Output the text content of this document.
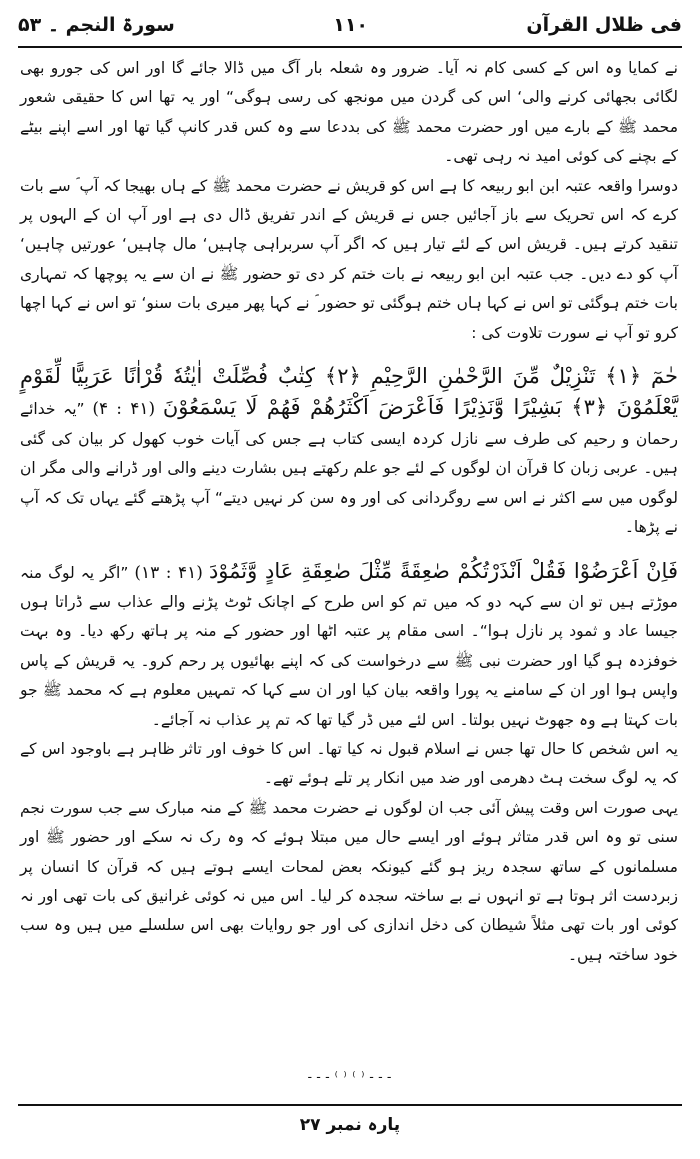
فی ظلال القرآن
۱۱۰
سورۃ النجم ۔ ۵۳

نے کمایا وہ اس کے کسی کام نہ آیا۔ ضرور وہ شعلہ بار آگ میں ڈالا جائے گا اور اس کی جورو بھی لگائی بجھائی کرنے والی‘ اس کی گردن میں مونجھ کی رسی ہوگی“ اور یہ تھا اس کا حقیقی شعور محمد ﷺ کے بارے میں اور حضرت محمد ﷺ کی بددعا سے وہ کس قدر کانپ گیا تھا اور اسے اپنے بیٹے کے بچنے کی کوئی امید نہ رہی تھی۔

دوسرا واقعہ عتبہ ابن ابو ربیعہ کا ہے اس کو قریش نے حضرت محمد ﷺ کے ہاں بھیجا کہ آپ ؐ سے بات کرے کہ اس تحریک سے باز آجائیں جس نے قریش کے اندر تفریق ڈال دی ہے اور آپ ان کے الہوں پر تنقید کرتے ہیں۔ قریش اس کے لئے تیار ہیں کہ اگر آپ سربراہی چاہیں‘ مال چاہیں‘ عورتیں چاہیں‘ آپ کو دے دیں۔ جب عتبہ ابن ابو ربیعہ نے بات ختم کر دی تو حضور ﷺ نے ان سے یہ پوچھا کہ تمہاری بات ختم ہوگئی تو اس نے کہا ہاں ختم ہوگئی تو حضور ؐ نے کہا پھر میری بات سنو‘ تو اس نے کہا اچھا کرو تو آپ نے سورت تلاوت کی :

حٰمٓ ﴿۱﴾ تَنْزِيْلٌ مِّنَ الرَّحْمٰنِ الرَّحِيْمِ ﴿۲﴾ كِتٰبٌ فُصِّلَتْ اٰيٰتُهٗ قُرْاٰنًا عَرَبِيًّا لِّقَوْمٍ يَّعْلَمُوْنَ ﴿۳﴾ بَشِيْرًا وَّنَذِيْرًا فَاَعْرَضَ اَكْثَرُهُمْ فَهُمْ لَا يَسْمَعُوْنَ (۴۱ : ۴) ”یہ خدائے رحمان و رحیم کی طرف سے نازل کردہ ایسی کتاب ہے جس کی آیات خوب کھول کر بیان کی گئی ہیں۔ عربی زبان کا قرآن ان لوگوں کے لئے جو علم رکھتے ہیں بشارت دینے والی اور ڈرانے والی مگر ان لوگوں میں سے اکثر نے اس سے روگردانی کی اور وہ سن کر نہیں دیتے“ آپ پڑھتے گئے یہاں تک کہ آپ نے پڑھا۔

فَاِنْ اَعْرَضُوْا فَقُلْ اَنْذَرْتُكُمْ صٰعِقَةً مِّثْلَ صٰعِقَةِ عَادٍ وَّثَمُوْدَ (۴۱ : ۱۳) ”اگر یہ لوگ منہ موڑتے ہیں تو ان سے کہہ دو کہ میں تم کو اس طرح کے اچانک ٹوٹ پڑنے والے عذاب سے ڈراتا ہوں جیسا عاد و ثمود پر نازل ہوا“۔ اسی مقام پر عتبہ اٹھا اور حضور کے منہ پر ہاتھ رکھ دیا۔ وہ بہت خوفزدہ ہو گیا اور حضرت نبی ﷺ سے درخواست کی کہ اپنے بھائیوں پر رحم کرو۔ یہ قریش کے پاس واپس ہوا اور ان کے سامنے یہ پورا واقعہ بیان کیا اور ان سے کہا کہ تمہیں معلوم ہے کہ محمد ﷺ جو بات کہتا ہے وہ جھوٹ نہیں بولتا۔ اس لئے میں ڈر گیا تھا کہ تم پر عذاب نہ آجائے۔

یہ اس شخص کا حال تھا جس نے اسلام قبول نہ کیا تھا۔ اس کا خوف اور تاثر ظاہر ہے باوجود اس کے کہ یہ لوگ سخت ہٹ دھرمی اور ضد میں انکار پر تلے ہوئے تھے۔

یہی صورت اس وقت پیش آئی جب ان لوگوں نے حضرت محمد ﷺ کے منہ مبارک سے جب سورت نجم سنی تو وہ اس قدر متاثر ہوئے اور ایسے حال میں مبتلا ہوئے کہ وہ رک نہ سکے اور حضور ﷺ اور مسلمانوں کے ساتھ سجدہ ریز ہو گئے کیونکہ بعض لمحات ایسے ہوتے ہیں کہ قرآن کا انسان پر زبردست اثر ہوتا ہے تو انہوں نے بے ساختہ سجدہ کر لیا۔ اس میں نہ کوئی غرانیق کی بات تھی اور نہ کوئی اور بات تھی مثلاً شیطان کی دخل اندازی کی اور جو روایات بھی اس سلسلے میں ہیں وہ سب خود ساختہ ہیں۔

---⁽⁾⁽⁾---
پارہ نمبر ۲۷
